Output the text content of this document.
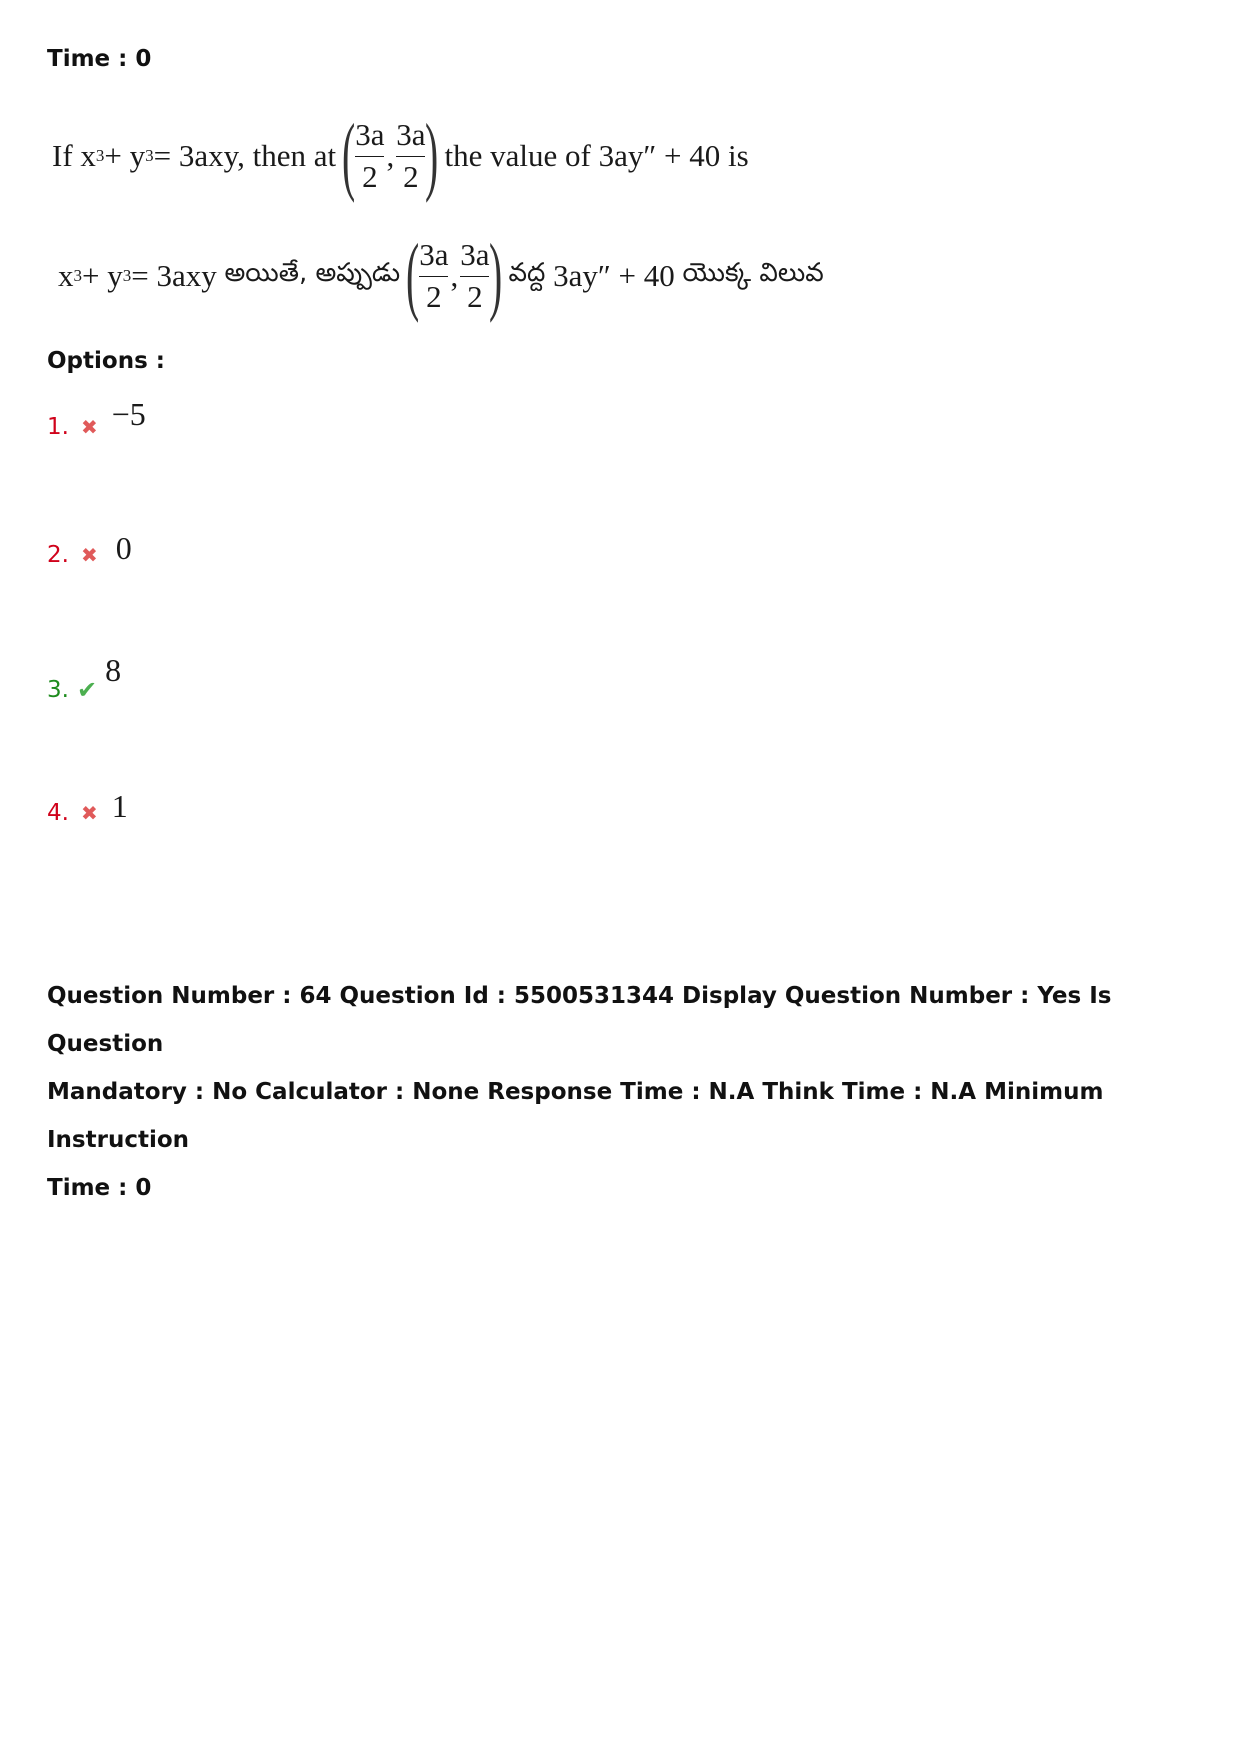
Time : 0
If x 3 + y 3 = 3axy, then at
( $\frac{3a}{2}$ , $\frac{3a}{2}$ )
the value of 3ay″ + 40 is
x 3 + y 3 = 3axy
అయితే, అప్పుడు
( $\frac{3a}{2}$ , $\frac{3a}{2}$ )
వద్ద
3ay″ + 40
యొక్క విలువ
Options :
1. ✖ −5
2. ✖ 0
3. ✔
8
4. ✖ 1
Question Number : 64 Question Id : 5500531344 Display Question Number : Yes Is Question
Mandatory : No Calculator : None Response Time : N.A Think Time : N.A Minimum Instruction
Time : 0
